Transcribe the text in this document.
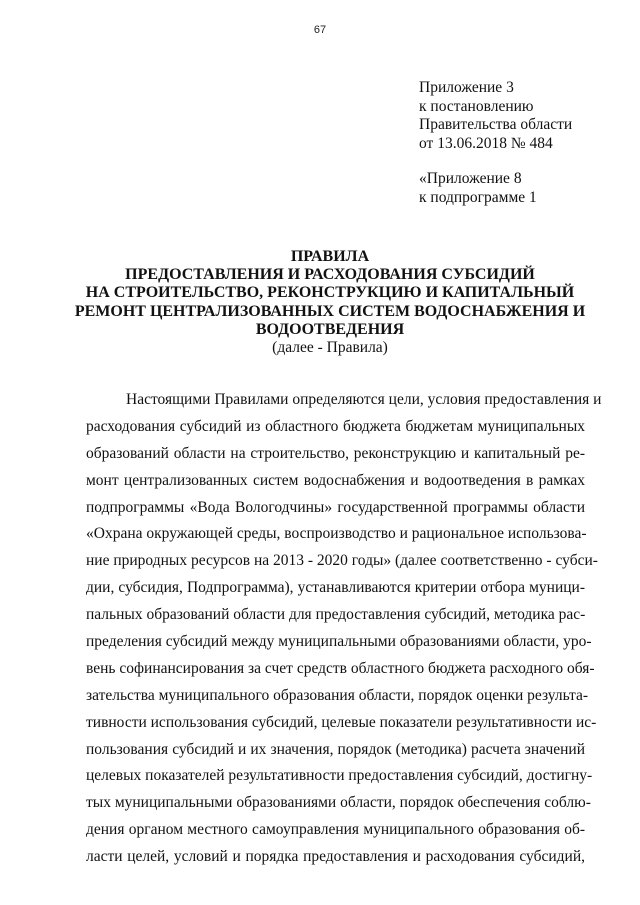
67
Приложение 3
к постановлению
Правительства области
от 13.06.2018 № 484
«Приложение 8
к подпрограмме 1
ПРАВИЛА
ПРЕДОСТАВЛЕНИЯ И РАСХОДОВАНИЯ СУБСИДИЙ
НА СТРОИТЕЛЬСТВО, РЕКОНСТРУКЦИЮ И КАПИТАЛЬНЫЙ
РЕМОНТ ЦЕНТРАЛИЗОВАННЫХ СИСТЕМ ВОДОСНАБЖЕНИЯ И
ВОДООТВЕДЕНИЯ
(далее - Правила)
Настоящими Правилами определяются цели, условия предоставления и
расходования субсидий из областного бюджета бюджетам муниципальных
образований области на строительство, реконструкцию и капитальный ре-
монт централизованных систем водоснабжения и водоотведения в рамках
подпрограммы «Вода Вологодчины» государственной программы области
«Охрана окружающей среды, воспроизводство и рациональное использова-
ние природных ресурсов на 2013 - 2020 годы» (далее соответственно - субси-
дии, субсидия, Подпрограмма), устанавливаются критерии отбора муници-
пальных образований области для предоставления субсидий, методика рас-
пределения субсидий между муниципальными образованиями области, уро-
вень софинансирования за счет средств областного бюджета расходного обя-
зательства муниципального образования области, порядок оценки результа-
тивности использования субсидий, целевые показатели результативности ис-
пользования субсидий и их значения, порядок (методика) расчета значений
целевых показателей результативности предоставления субсидий, достигну-
тых муниципальными образованиями области, порядок обеспечения соблю-
дения органом местного самоуправления муниципального образования об-
ласти целей, условий и порядка предоставления и расходования субсидий,
